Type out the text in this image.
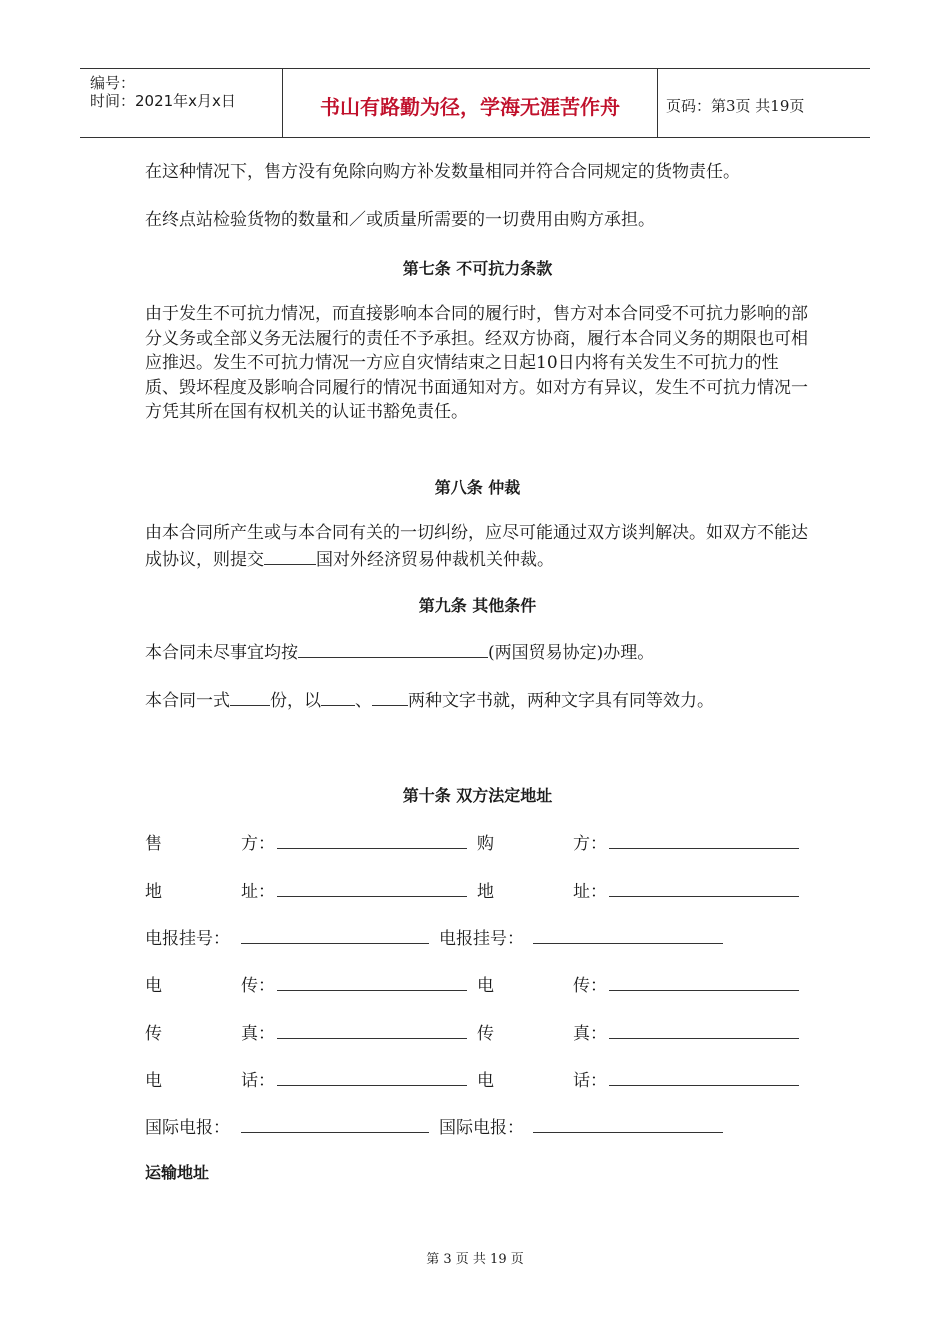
编号：
时间：2021年x月x日	书山有路勤为径，学海无涯苦作舟	页码：第3页 共19页

在这种情况下，售方没有免除向购方补发数量相同并符合合同规定的货物责任。

在终点站检验货物的数量和／或质量所需要的一切费用由购方承担。

第七条 不可抗力条款

由于发生不可抗力情况，而直接影响本合同的履行时，售方对本合同受不可抗力影响的部分义务或全部义务无法履行的责任不予承担。经双方协商，履行本合同义务的期限也可相应推迟。发生不可抗力情况一方应自灾情结束之日起10日内将有关发生不可抗力的性质、毁坏程度及影响合同履行的情况书面通知对方。如对方有异议，发生不可抗力情况一方凭其所在国有权机关的认证书豁免责任。

第八条 仲裁

由本合同所产生或与本合同有关的一切纠纷，应尽可能通过双方谈判解决。如双方不能达成协议，则提交	国对外经济贸易仲裁机关仲裁。

第九条 其他条件

本合同未尽事宜均按	(两国贸易协定)办理。

本合同一式 份，以 、 两种文字书就，两种文字具有同等效力。

第十条 双方法定地址
售	方：	购	方：
地	址：	地	址：
电报挂号：	电报挂号：
电	传：	电	传：
传	真：	传	真：
电	话：	电	话：
国际电报：	国际电报：
运输地址
第 3 页 共 19 页
